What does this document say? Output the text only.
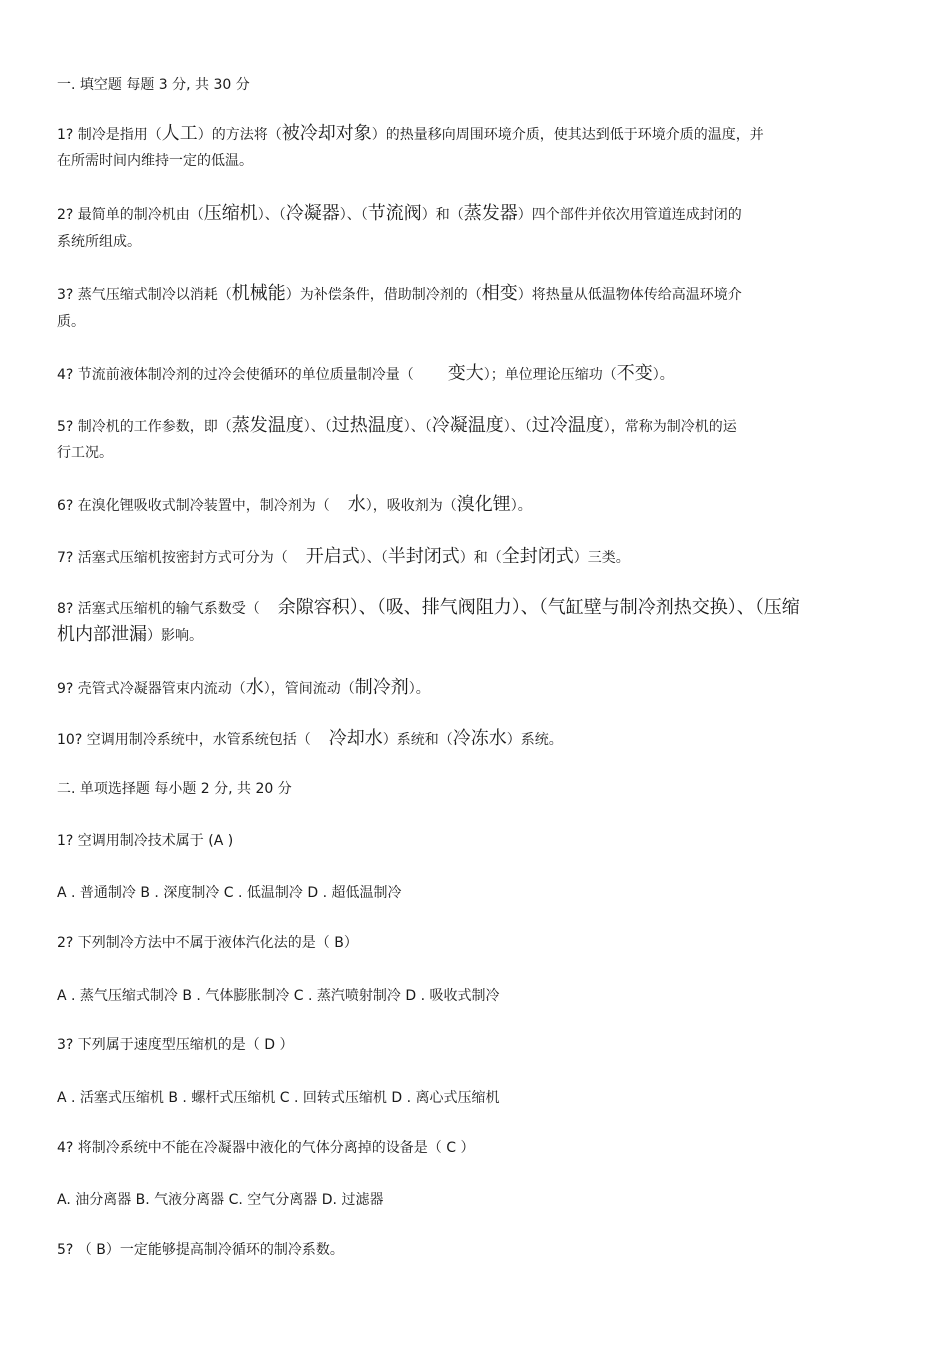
一. 填空题 每题 3 分, 共 30 分
1? 制冷是指用（人工）的方法将（被冷却对象）的热量移向周围环境介质，使其达到低于环境介质的温度，并
在所需时间内维持一定的低温。
2? 最简单的制冷机由（压缩机）、（冷凝器）、（节流阀）和（蒸发器）四个部件并依次用管道连成封闭的
系统所组成。
3? 蒸气压缩式制冷以消耗（机械能）为补偿条件，借助制冷剂的（相变）将热量从低温物体传给高温环境介
质。
4? 节流前液体制冷剂的过冷会使循环的单位质量制冷量（ 变大）；单位理论压缩功（不变）。
5? 制冷机的工作参数，即（蒸发温度）、（过热温度）、（冷凝温度）、（过冷温度），常称为制冷机的运
行工况。
6? 在溴化锂吸收式制冷装置中，制冷剂为（ 水），吸收剂为（溴化锂）。
7? 活塞式压缩机按密封方式可分为（ 开启式）、（半封闭式）和（全封闭式）三类。
8? 活塞式压缩机的输气系数受（ 余隙容积）、（吸、排气阀阻力）、（气缸壁与制冷剂热交换）、（压缩
机内部泄漏）影响。
9? 壳管式冷凝器管束内流动（水），管间流动（制冷剂）。
10? 空调用制冷系统中，水管系统包括（ 冷却水）系统和（冷冻水）系统。
二. 单项选择题 每小题 2 分, 共 20 分
1? 空调用制冷技术属于 (A )
A . 普通制冷 B . 深度制冷 C . 低温制冷 D . 超低温制冷
2? 下列制冷方法中不属于液体汽化法的是（ B）
A . 蒸气压缩式制冷 B . 气体膨胀制冷 C . 蒸汽喷射制冷 D . 吸收式制冷
3? 下列属于速度型压缩机的是（ D ）
A . 活塞式压缩机 B . 螺杆式压缩机 C . 回转式压缩机 D . 离心式压缩机
4? 将制冷系统中不能在冷凝器中液化的气体分离掉的设备是（ C ）
A. 油分离器 B. 气液分离器 C. 空气分离器 D. 过滤器
5? （ B）一定能够提高制冷循环的制冷系数。
